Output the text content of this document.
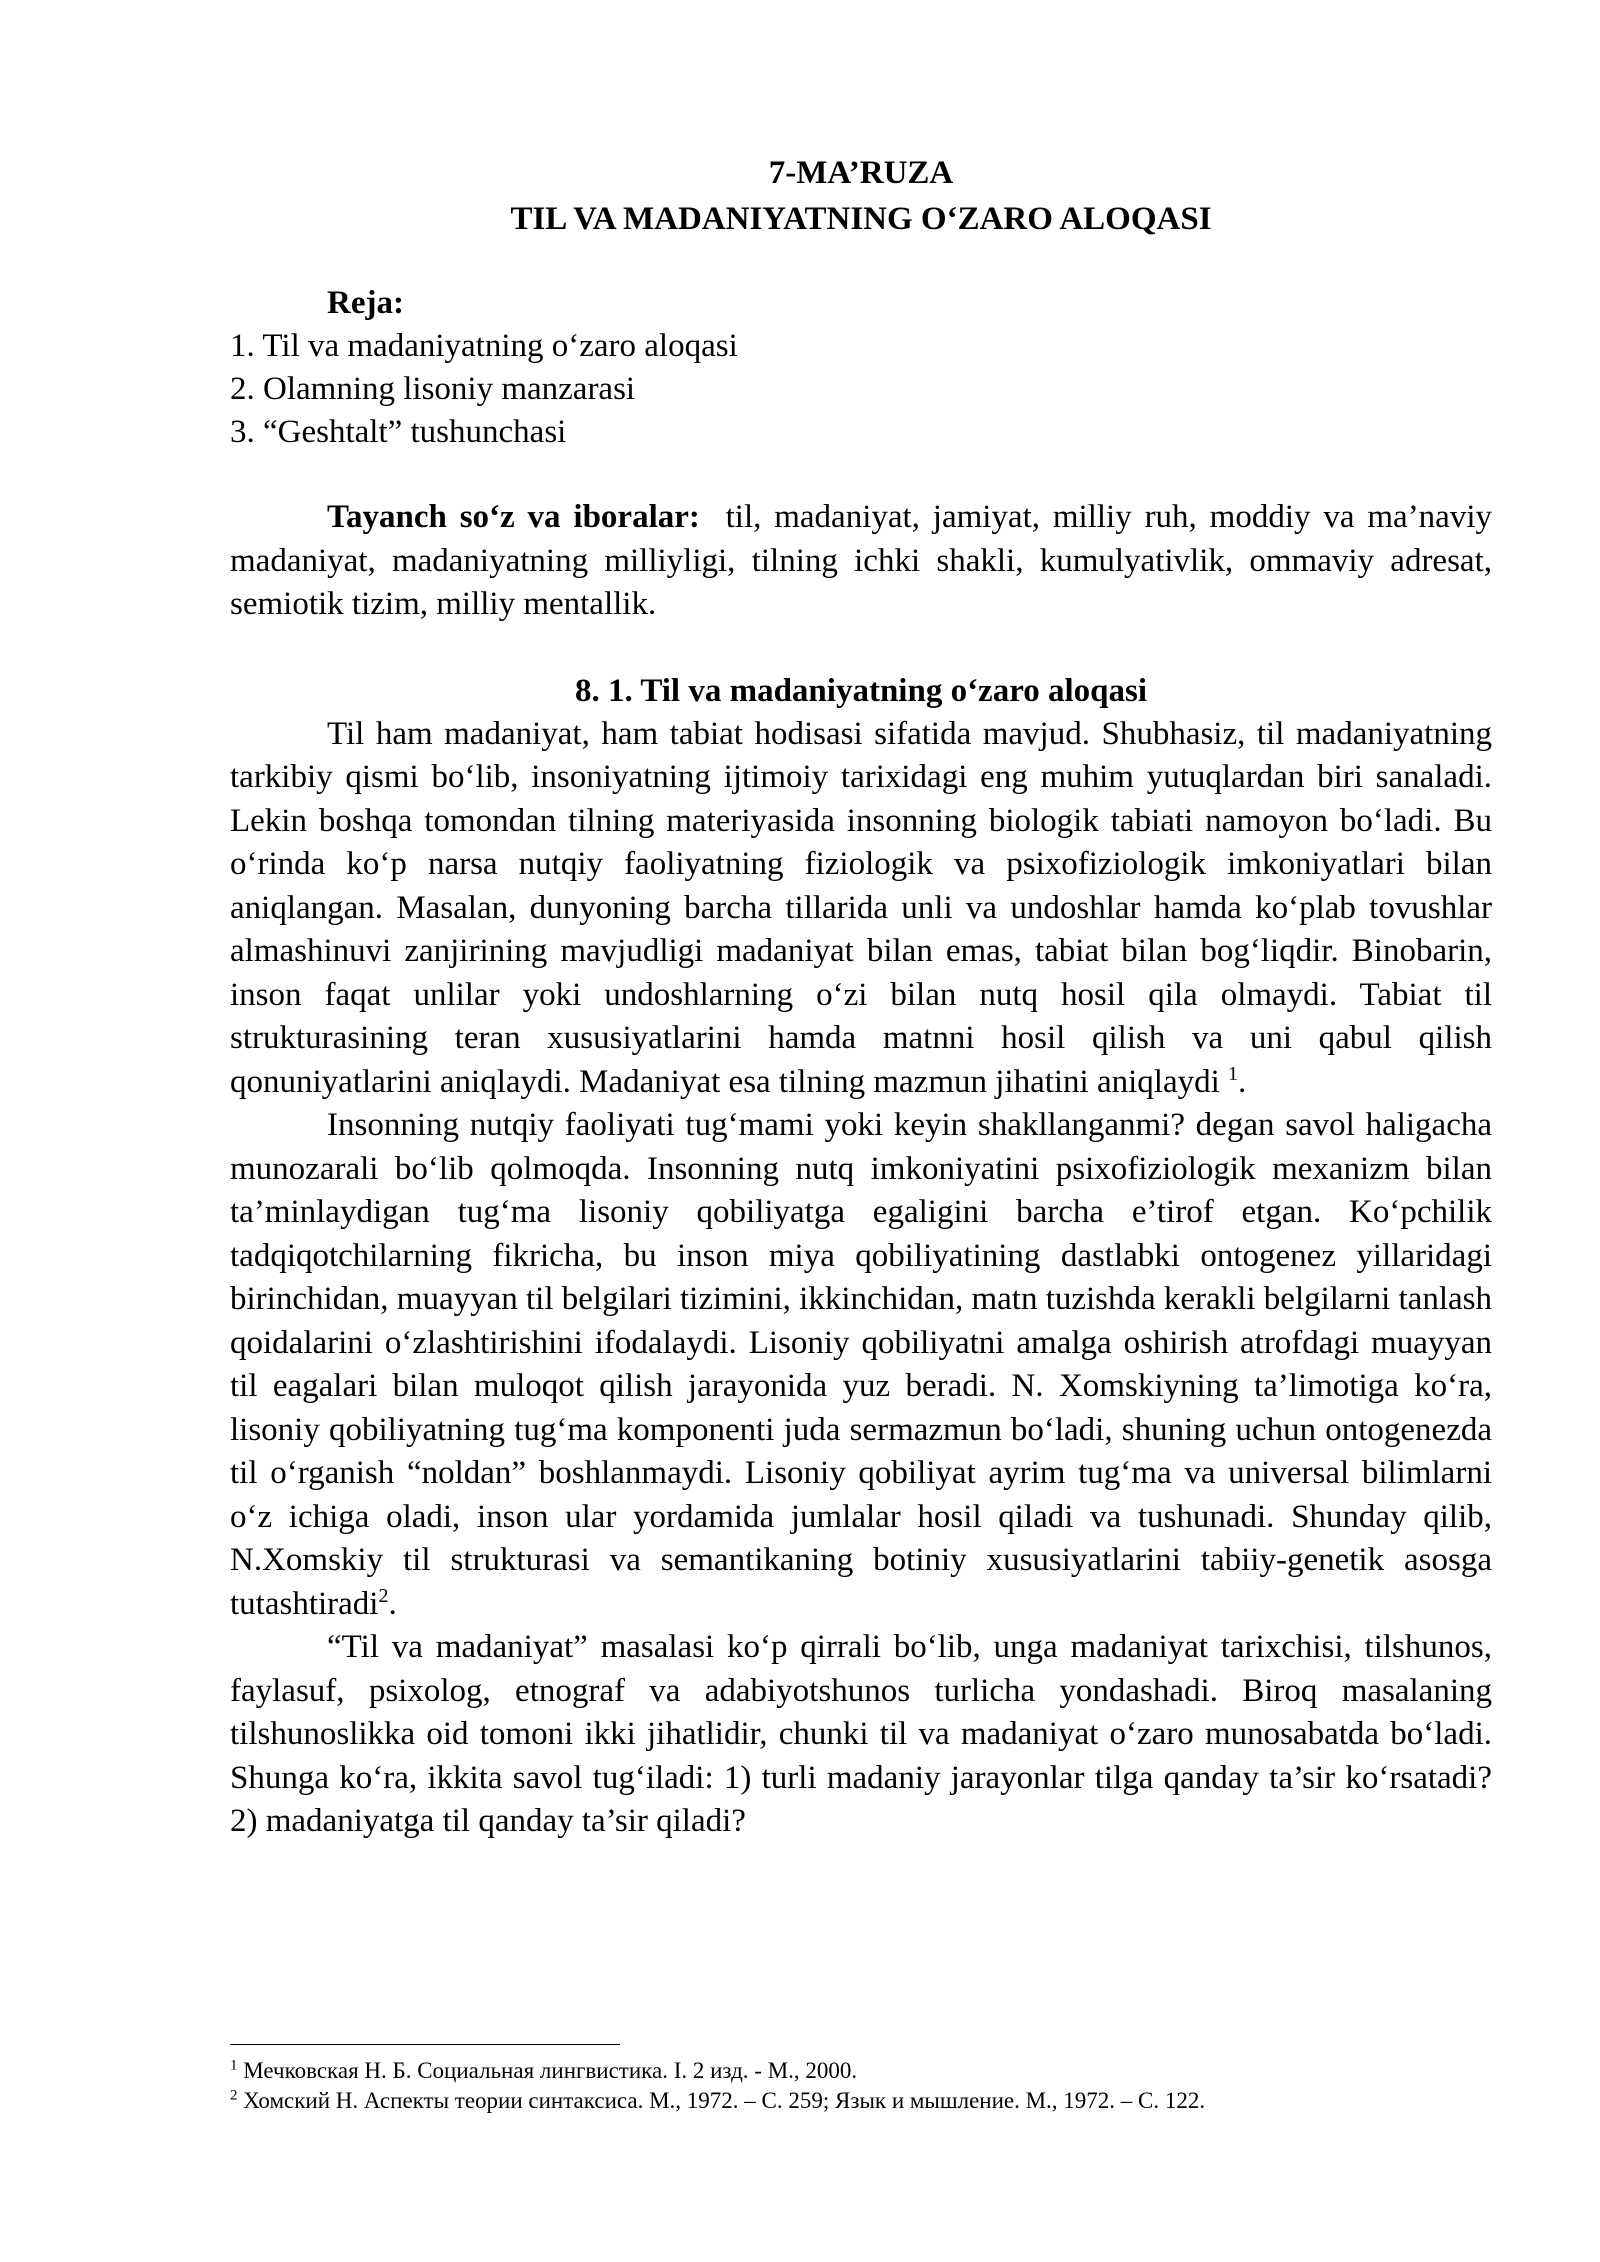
7-MA’RUZA

TIL VA MADANIYATNING O‘ZARO ALOQASI

Reja:
1. Til va madaniyatning o‘zaro aloqasi
2. Olamning lisoniy manzarasi
3. “Geshtalt” tushunchasi
Tayanch so‘z va iboralar: til, madaniyat, jamiyat, milliy ruh, moddiy va ma’naviy madaniyat, madaniyatning milliyligi, tilning ichki shakli, kumulyativlik, ommaviy adresat, semiotik tizim, milliy mentallik.
8. 1. Til va madaniyatning o‘zaro aloqasi

Til ham madaniyat, ham tabiat hodisasi sifatida mavjud. Shubhasiz, til madaniyatning tarkibiy qismi bo‘lib, insoniyatning ijtimoiy tarixidagi eng muhim yutuqlardan biri sanaladi. Lekin boshqa tomondan tilning materiyasida insonning biologik tabiati namoyon bo‘ladi. Bu o‘rinda ko‘p narsa nutqiy faoliyatning fiziologik va psixofiziologik imkoniyatlari bilan aniqlangan. Masalan, dunyoning barcha tillarida unli va undoshlar hamda ko‘plab tovushlar almashinuvi zanjirining mavjudligi madaniyat bilan emas, tabiat bilan bog‘liqdir. Binobarin, inson faqat unlilar yoki undoshlarning o‘zi bilan nutq hosil qila olmaydi. Tabiat til strukturasining teran xususiyatlarini hamda matnni hosil qilish va uni qabul qilish qonuniyatlarini aniqlaydi. Madaniyat esa tilning mazmun jihatini aniqlaydi $^1$.

Insonning nutqiy faoliyati tug‘mami yoki keyin shakllanganmi? degan savol haligacha munozarali bo‘lib qolmoqda. Insonning nutq imkoniyatini psixofiziologik mexanizm bilan ta’minlaydigan tug‘ma lisoniy qobiliyatga egaligini barcha e’tirof etgan. Ko‘pchilik tadqiqotchilarning fikricha, bu inson miya qobiliyatining dastlabki ontogenez yillaridagi birinchidan, muayyan til belgilari tizimini, ikkinchidan, matn tuzishda kerakli belgilarni tanlash qoidalarini o‘zlashtirishini ifodalaydi. Lisoniy qobiliyatni amalga oshirish atrofdagi muayyan til eagalari bilan muloqot qilish jarayonida yuz beradi. N. Xomskiyning ta’limotiga ko‘ra, lisoniy qobiliyatning tug‘ma komponenti juda sermazmun bo‘ladi, shuning uchun ontogenezda til o‘rganish “noldan” boshlanmaydi. Lisoniy qobiliyat ayrim tug‘ma va universal bilimlarni o‘z ichiga oladi, inson ular yordamida jumlalar hosil qiladi va tushunadi. Shunday qilib, N.Xomskiy til strukturasi va semantikaning botiniy xususiyatlarini tabiiy-genetik asosga tutashtiradi$^2$.

“Til va madaniyat” masalasi ko‘p qirrali bo‘lib, unga madaniyat tarixchisi, tilshunos, faylasuf, psixolog, etnograf va adabiyotshunos turlicha yondashadi. Biroq masalaning tilshunoslikka oid tomoni ikki jihatlidir, chunki til va madaniyat o‘zaro munosabatda bo‘ladi. Shunga ko‘ra, ikkita savol tug‘iladi: 1) turli madaniy jarayonlar tilga qanday ta’sir ko‘rsatadi? 2) madaniyatga til qanday ta’sir qiladi?

$^1$ Мечковская Н. Б. Социальная лингвистика. I. 2 изд. - М., 2000.

$^2$ Хомский Н. Аспекты теории синтаксиса. М., 1972. – С. 259; Язык и мышление. М., 1972. – С. 122.
